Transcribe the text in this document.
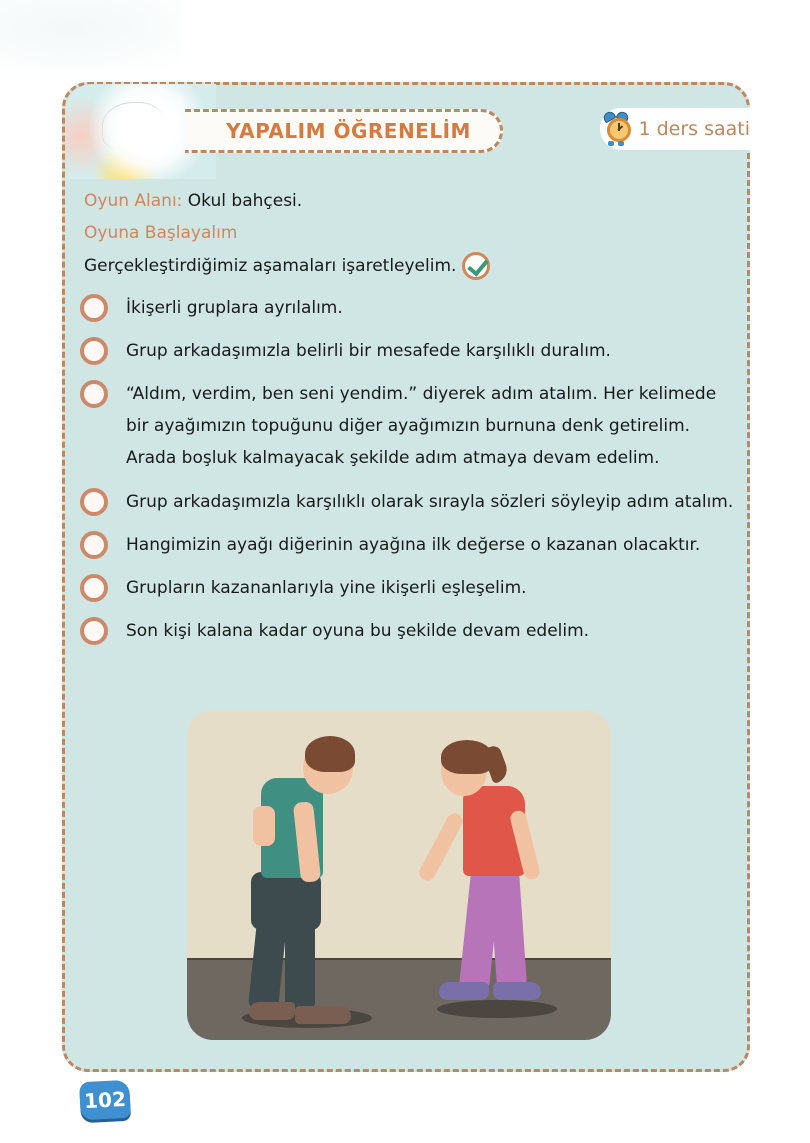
YAPALIM ÖĞRENELİM	1 ders saati
Oyun Alanı: Okul bahçesi.
Oyuna Başlayalım
Gerçekleştirdiğimiz aşamaları işaretleyelim.
İkişerli gruplara ayrılalım.
Grup arkadaşımızla belirli bir mesafede karşılıklı duralım.
“Aldım, verdim, ben seni yendim.” diyerek adım atalım. Her kelimede bir ayağımızın topuğunu diğer ayağımızın burnuna denk getirelim. Arada boşluk kalmayacak şekilde adım atmaya devam edelim.
Grup arkadaşımızla karşılıklı olarak sırayla sözleri söyleyip adım atalım.
Hangimizin ayağı diğerinin ayağına ilk değerse o kazanan olacaktır.
Grupların kazananlarıyla yine ikişerli eşleşelim.
Son kişi kalana kadar oyuna bu şekilde devam edelim.
102
